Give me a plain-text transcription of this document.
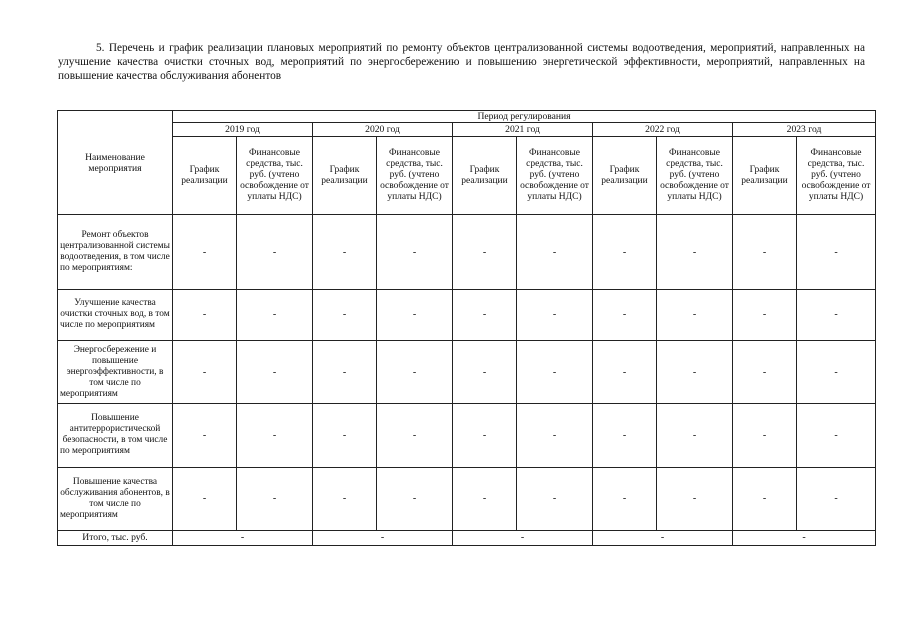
5. Перечень и график реализации плановых мероприятий по ремонту объектов централизованной системы водоотведения, мероприятий, направленных на улучшение качества очистки сточных вод, мероприятий по энергосбережению и повышению энергетической эффективности, мероприятий, направленных на повышение качества обслуживания абонентов
Наименование мероприятия	Период регулирования									
	2019 год		2020 год		2021 год		2022 год		2023 год	
	График реализации	Финансовые средства, тыс. руб. (учтено освобождение от уплаты НДС)	График реализации	Финансовые средства, тыс. руб. (учтено освобождение от уплаты НДС)	График реализации	Финансовые средства, тыс. руб. (учтено освобождение от уплаты НДС)	График реализации	Финансовые средства, тыс. руб. (учтено освобождение от уплаты НДС)	График реализации	Финансовые средства, тыс. руб. (учтено освобождение от уплаты НДС)
Ремонт объектов централизованной системы водоотведения, в том числе по мероприятиям:	-	-	-	-	-	-	-	-	-	-
Улучшение качества очистки сточных вод, в том числе по мероприятиям	-	-	-	-	-	-	-	-	-	-
Энергосбережение и повышение энергоэффективности, в том числе по мероприятиям	-	-	-	-	-	-	-	-	-	-
Повышение антитеррористической безопасности, в том числе по мероприятиям	-	-	-	-	-	-	-	-	-	-
Повышение качества обслуживания абонентов, в том числе по мероприятиям	-	-	-	-	-	-	-	-	-	-
Итого, тыс. руб.	-		-		-		-		-	
